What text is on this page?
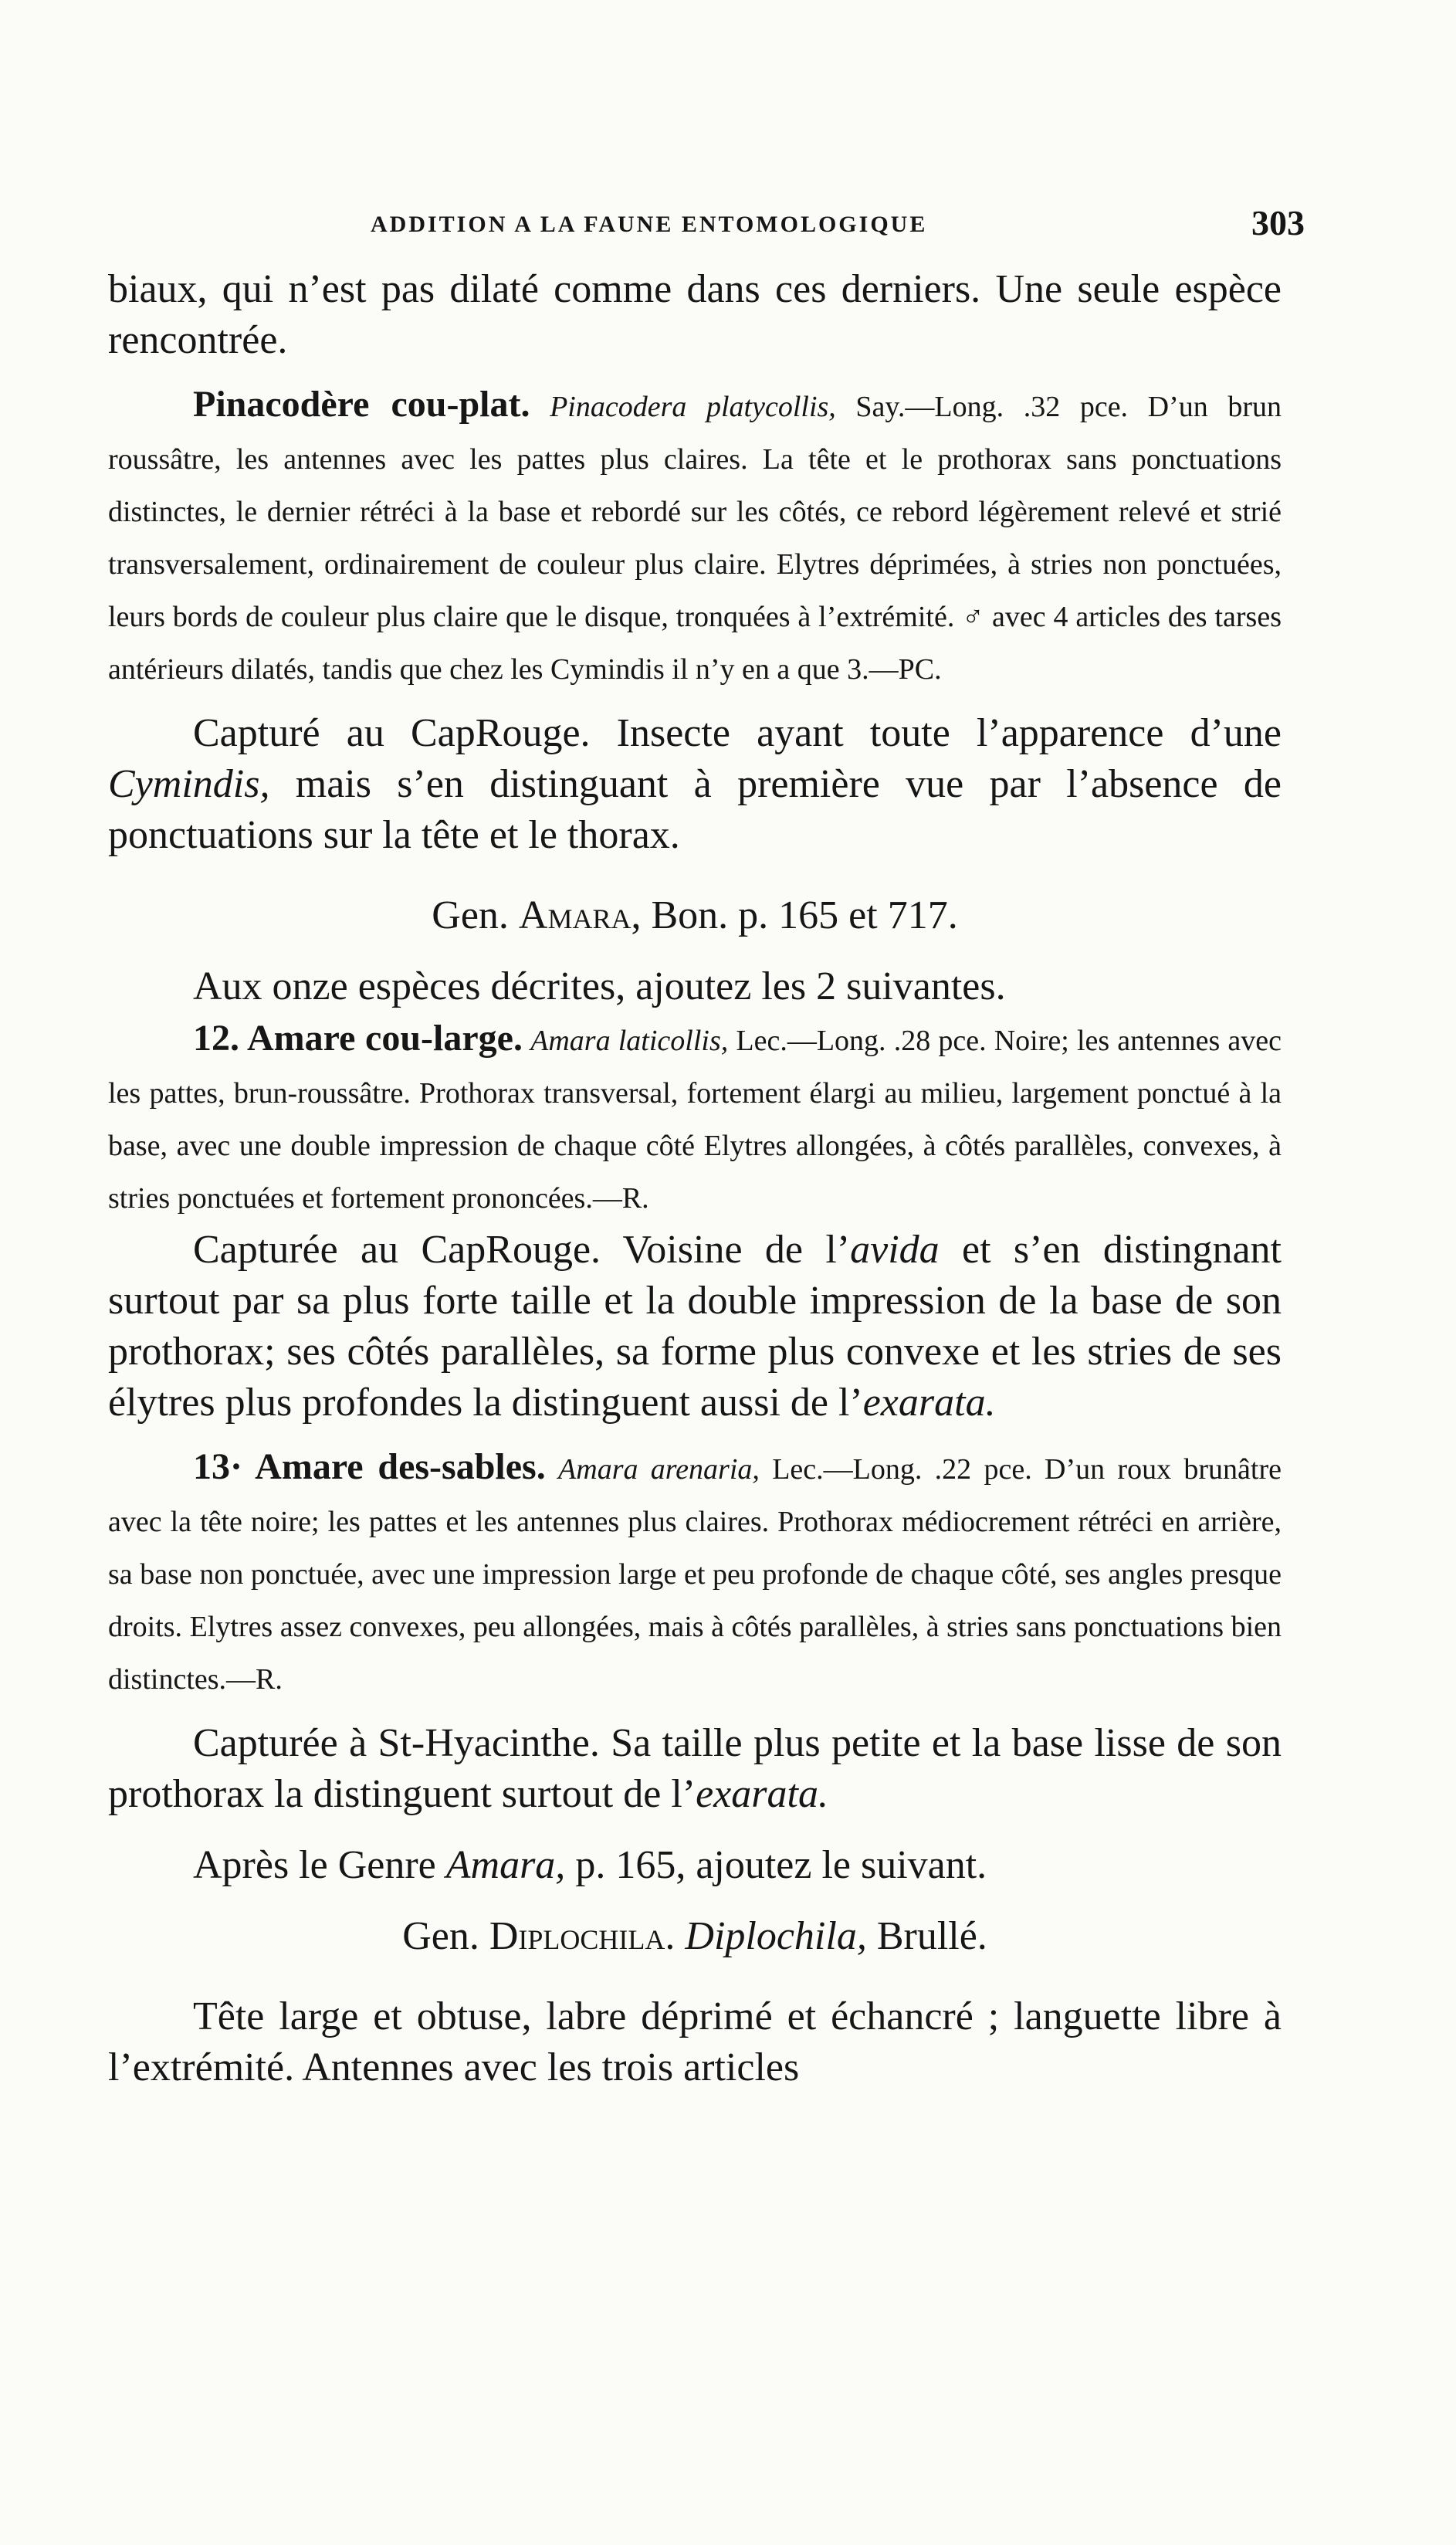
ADDITION A LA FAUNE ENTOMOLOGIQUE	303

biaux, qui n’est pas dilaté comme dans ces derniers. Une seule espèce rencontrée.

Pinacodère cou-plat. Pinacodera platycollis, Say.—Long. .32 pce. D’un brun roussâtre, les antennes avec les pattes plus claires. La tête et le prothorax sans ponctuations distinctes, le dernier rétréci à la base et rebordé sur les côtés, ce rebord légèrement relevé et strié transversalement, ordinairement de couleur plus claire. Elytres déprimées, à stries non ponctuées, leurs bords de couleur plus claire que le disque, tronquées à l’extrémité. ♂ avec 4 articles des tarses antérieurs dilatés, tandis que chez les Cymindis il n’y en a que 3.—PC.

Capturé au CapRouge. Insecte ayant toute l’apparence d’une Cymindis, mais s’en distinguant à première vue par l’absence de ponctuations sur la tête et le thorax.

Gen. Amara, Bon. p. 165 et 717.

Aux onze espèces décrites, ajoutez les 2 suivantes.

12. Amare cou-large. Amara laticollis, Lec.—Long. .28 pce. Noire; les antennes avec les pattes, brun-roussâtre. Prothorax transversal, fortement élargi au milieu, largement ponctué à la base, avec une double impression de chaque côté Elytres allongées, à côtés parallèles, convexes, à stries ponctuées et fortement prononcées.—R.

Capturée au CapRouge. Voisine de l’avida et s’en distingnant surtout par sa plus forte taille et la double impression de la base de son prothorax; ses côtés parallèles, sa forme plus convexe et les stries de ses élytres plus profondes la distinguent aussi de l’exarata.

13· Amare des-sables. Amara arenaria, Lec.—Long. .22 pce. D’un roux brunâtre avec la tête noire; les pattes et les antennes plus claires. Prothorax médiocrement rétréci en arrière, sa base non ponctuée, avec une impression large et peu profonde de chaque côté, ses angles presque droits. Elytres assez convexes, peu allongées, mais à côtés parallèles, à stries sans ponctuations bien distinctes.—R.

Capturée à St-Hyacinthe. Sa taille plus petite et la base lisse de son prothorax la distinguent surtout de l’exarata.

Après le Genre Amara, p. 165, ajoutez le suivant.

Gen. Diplochila. Diplochila, Brullé.

Tête large et obtuse, labre déprimé et échancré ; languette libre à l’extrémité. Antennes avec les trois articles
